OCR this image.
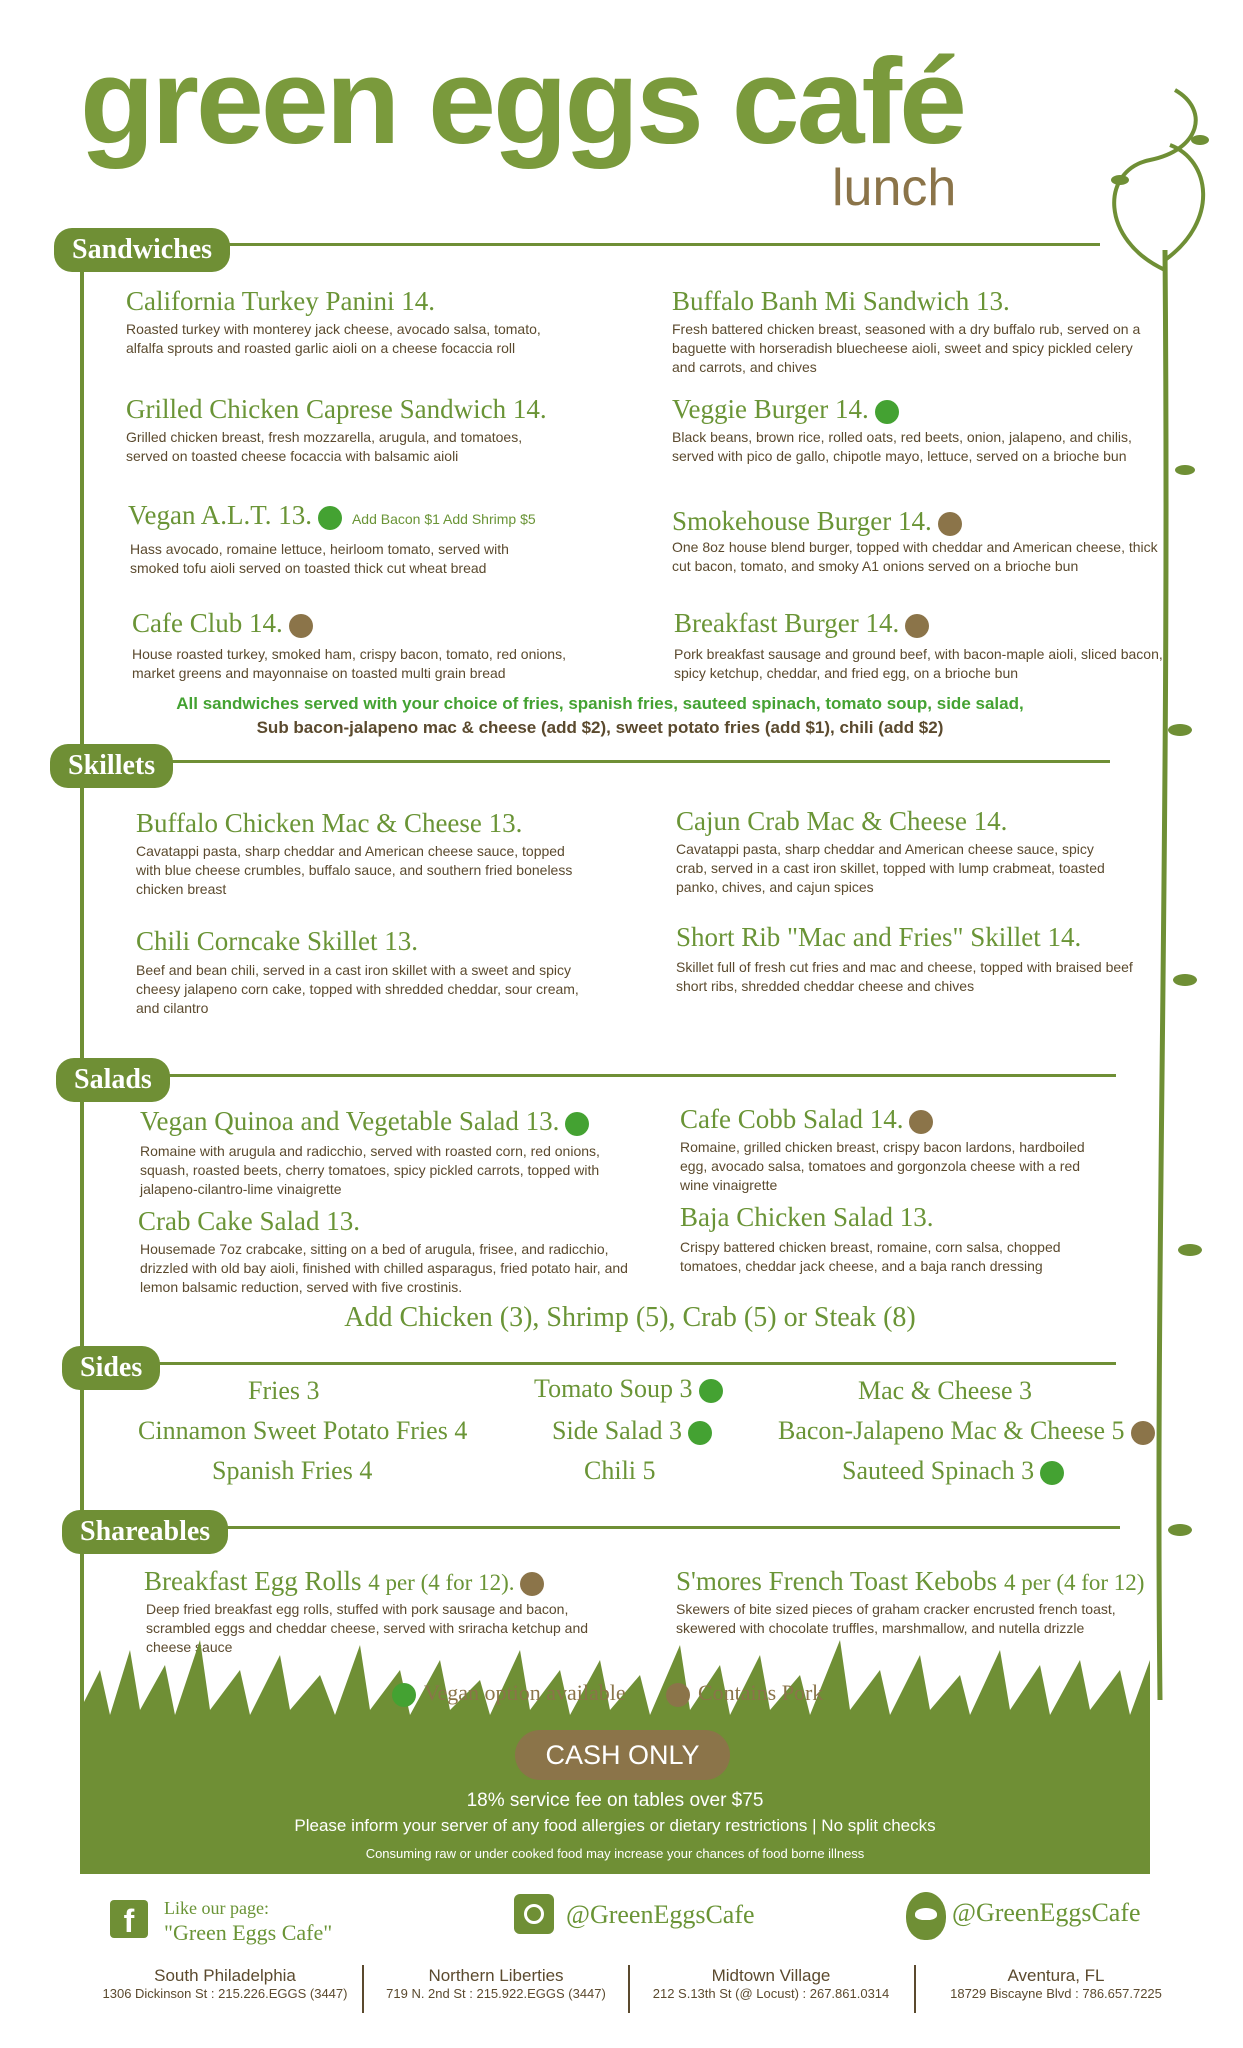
green eggs café
lunch
Sandwiches
California Turkey Panini 14.
Roasted turkey with monterey jack cheese, avocado salsa, tomato, alfalfa sprouts and roasted garlic aioli on a cheese focaccia roll
Buffalo Banh Mi Sandwich 13.
Fresh battered chicken breast, seasoned with a dry buffalo rub, served on a baguette with horseradish bluecheese aioli, sweet and spicy pickled celery and carrots, and chives
Grilled Chicken Caprese Sandwich 14.
Grilled chicken breast, fresh mozzarella, arugula, and tomatoes, served on toasted cheese focaccia with balsamic aioli
Veggie Burger 14.
Black beans, brown rice, rolled oats, red beets, onion, jalapeno, and chilis, served with pico de gallo, chipotle mayo, lettuce, served on a brioche bun
Vegan A.L.T. 13.	Add Bacon $1 Add Shrimp $5
Hass avocado, romaine lettuce, heirloom tomato, served with smoked tofu aioli served on toasted thick cut wheat bread
Smokehouse Burger 14.
One 8oz house blend burger, topped with cheddar and American cheese, thick cut bacon, tomato, and smoky A1 onions served on a brioche bun
Cafe Club 14.
House roasted turkey, smoked ham, crispy bacon, tomato, red onions, market greens and mayonnaise on toasted multi grain bread
Breakfast Burger 14.
Pork breakfast sausage and ground beef, with bacon-maple aioli, sliced bacon, spicy ketchup, cheddar, and fried egg, on a brioche bun
All sandwiches served with your choice of fries, spanish fries, sauteed spinach, tomato soup, side salad,
Sub bacon-jalapeno mac & cheese (add $2), sweet potato fries (add $1), chili (add $2)
Skillets
Buffalo Chicken Mac & Cheese 13.
Cavatappi pasta, sharp cheddar and American cheese sauce, topped with blue cheese crumbles, buffalo sauce, and southern fried boneless chicken breast
Cajun Crab Mac & Cheese 14.
Cavatappi pasta, sharp cheddar and American cheese sauce, spicy crab, served in a cast iron skillet, topped with lump crabmeat, toasted panko, chives, and cajun spices
Chili Corncake Skillet 13.
Beef and bean chili, served in a cast iron skillet with a sweet and spicy cheesy jalapeno corn cake, topped with shredded cheddar, sour cream, and cilantro
Short Rib "Mac and Fries" Skillet 14.
Skillet full of fresh cut fries and mac and cheese, topped with braised beef short ribs, shredded cheddar cheese and chives
Salads
Vegan Quinoa and Vegetable Salad 13.
Romaine with arugula and radicchio, served with roasted corn, red onions, squash, roasted beets, cherry tomatoes, spicy pickled carrots, topped with jalapeno-cilantro-lime vinaigrette
Cafe Cobb Salad 14.
Romaine, grilled chicken breast, crispy bacon lardons, hardboiled egg, avocado salsa, tomatoes and gorgonzola cheese with a red wine vinaigrette
Crab Cake Salad 13.
Housemade 7oz crabcake, sitting on a bed of arugula, frisee, and radicchio, drizzled with old bay aioli, finished with chilled asparagus, fried potato hair, and lemon balsamic reduction, served with five crostinis.
Baja Chicken Salad 13.
Crispy battered chicken breast, romaine, corn salsa, chopped tomatoes, cheddar jack cheese, and a baja ranch dressing
Add Chicken (3), Shrimp (5), Crab (5) or Steak (8)
Sides
Fries 3	Tomato Soup 3	Mac & Cheese 3
Cinnamon Sweet Potato Fries 4	Side Salad 3	Bacon-Jalapeno Mac & Cheese 5
Spanish Fries 4	Chili 5	Sauteed Spinach 3
Shareables
Breakfast Egg Rolls 4 per (4 for 12).
Deep fried breakfast egg rolls, stuffed with pork sausage and bacon, scrambled eggs and cheddar cheese, served with sriracha ketchup and cheese sauce
S'mores French Toast Kebobs 4 per (4 for 12)
Skewers of bite sized pieces of graham cracker encrusted french toast, skewered with chocolate truffles, marshmallow, and nutella drizzle
Vegan option available	Contains Pork
CASH ONLY
18% service fee on tables over $75
Please inform your server of any food allergies or dietary restrictions | No split checks
Consuming raw or under cooked food may increase your chances of food borne illness
f	Like our page:
"Green Eggs Cafe"
@GreenEggsCafe	@GreenEggsCafe
South Philadelphia
1306 Dickinson St : 215.226.EGGS (3447)
Northern Liberties
719 N. 2nd St : 215.922.EGGS (3447)
Midtown Village
212 S.13th St (@ Locust) : 267.861.0314
Aventura, FL
18729 Biscayne Blvd : 786.657.7225
